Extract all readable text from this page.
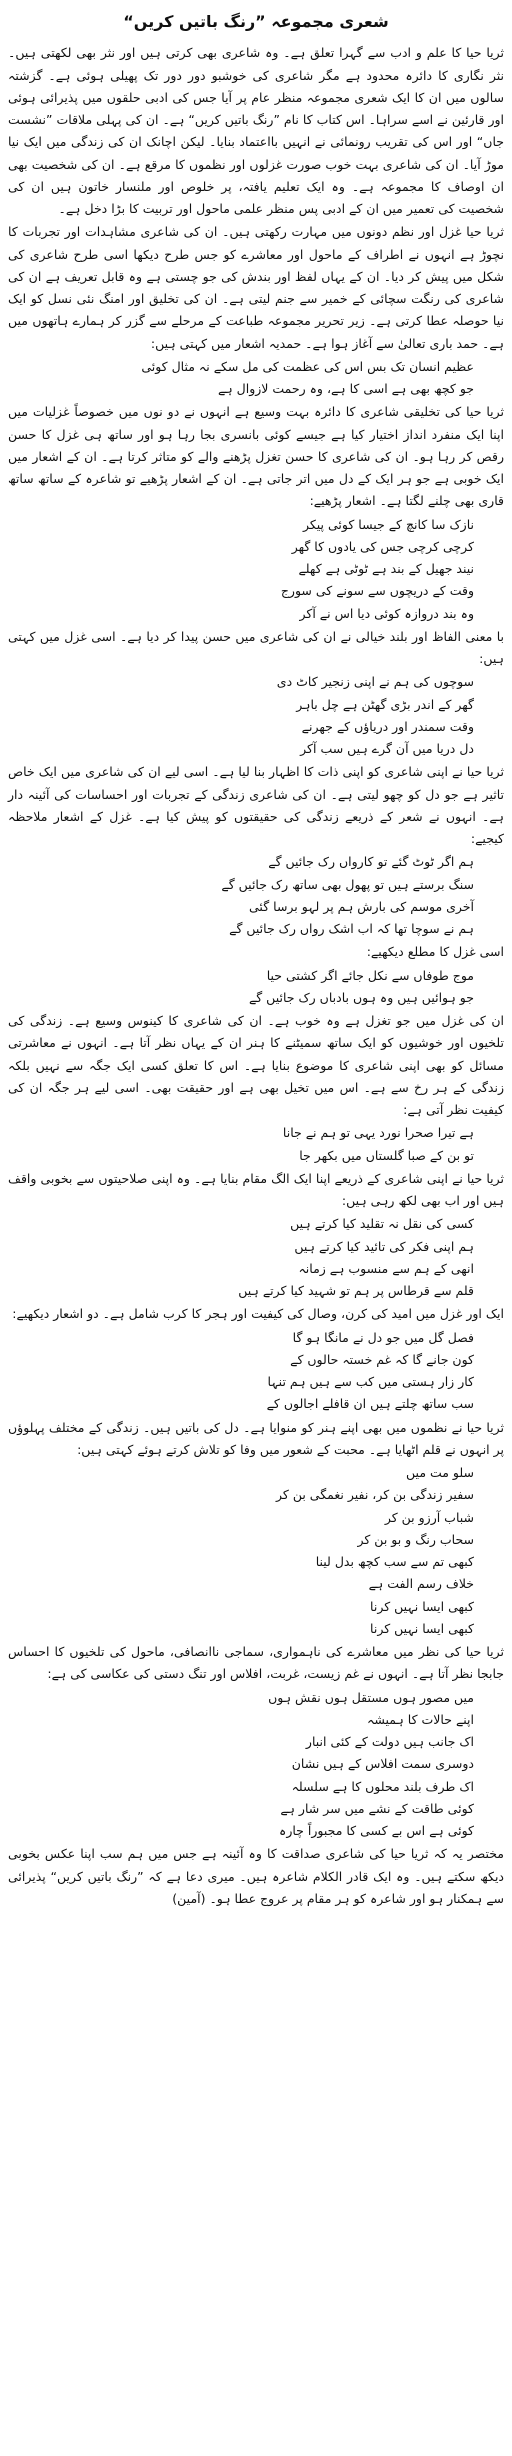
شعری مجموعہ ”رنگ باتیں کریں“

ثریا حیا کا علم و ادب سے گہرا تعلق ہے۔ وہ شاعری بھی کرتی ہیں اور نثر بھی لکھتی ہیں۔ نثر نگاری کا دائرہ محدود ہے مگر شاعری کی خوشبو دور دور تک پھیلی ہوئی ہے۔ گزشتہ سالوں میں ان کا ایک شعری مجموعہ منظر عام پر آیا جس کی ادبی حلقوں میں پذیرائی ہوئی اور قارئین نے اسے سراہا۔ اس کتاب کا نام ”رنگ باتیں کریں“ ہے۔ ان کی پہلی ملاقات ”نشست جاں“ اور اس کی تقریب رونمائی نے انہیں بااعتماد بنایا۔ لیکن اچانک ان کی زندگی میں ایک نیا موڑ آیا۔ ان کی شاعری بہت خوب صورت غزلوں اور نظموں کا مرقع ہے۔ ان کی شخصیت بھی ان اوصاف کا مجموعہ ہے۔ وہ ایک تعلیم یافتہ، پر خلوص اور ملنسار خاتون ہیں ان کی شخصیت کی تعمیر میں ان کے ادبی پس منظر علمی ماحول اور تربیت کا بڑا دخل ہے۔

ثریا حیا غزل اور نظم دونوں میں مہارت رکھتی ہیں۔ ان کی شاعری مشاہدات اور تجربات کا نچوڑ ہے انہوں نے اطراف کے ماحول اور معاشرے کو جس طرح دیکھا اسی طرح شاعری کی شکل میں پیش کر دیا۔ ان کے یہاں لفظ اور بندش کی جو چستی ہے وہ قابل تعریف ہے ان کی شاعری کی رنگت سچائی کے خمیر سے جنم لیتی ہے۔ ان کی تخلیق اور امنگ نئی نسل کو ایک نیا حوصلہ عطا کرتی ہے۔ زیر تحریر مجموعہ طباعت کے مرحلے سے گزر کر ہمارے ہاتھوں میں ہے۔ حمد باری تعالیٰ سے آغاز ہوا ہے۔ حمدیہ اشعار میں کہتی ہیں:

عظیم انسان تک بس اس کی عظمت کی مل سکے نہ مثال کوئی
جو کچھ بھی ہے اسی کا ہے، وہ رحمت لازوال ہے

ثریا حیا کی تخلیقی شاعری کا دائرہ بہت وسیع ہے انہوں نے دو نوں میں خصوصاً غزلیات میں اپنا ایک منفرد انداز اختیار کیا ہے جیسے کوئی بانسری بجا رہا ہو اور ساتھ ہی غزل کا حسن رقص کر رہا ہو۔ ان کی شاعری کا حسن تغزل پڑھنے والے کو متاثر کرتا ہے۔ ان کے اشعار میں ایک خوبی ہے جو ہر ایک کے دل میں اتر جاتی ہے۔ ان کے اشعار پڑھیے تو شاعرہ کے ساتھ ساتھ قاری بھی چلنے لگتا ہے۔ اشعار پڑھیے:

نازک سا کانچ کے جیسا کوئی پیکر
کرچی کرچی جس کی یادوں کا گھر
نیند جھیل کے بند ہے ٹوٹی ہے کھلے
وقت کے دریچوں سے سونے کی سورج
وہ بند دروازہ کوئی دیا اس نے آکر

با معنی الفاظ اور بلند خیالی نے ان کی شاعری میں حسن پیدا کر دیا ہے۔ اسی غزل میں کہتی ہیں:

سوچوں کی ہم نے اپنی زنجیر کاٹ دی
گھر کے اندر بڑی گھٹن ہے چل باہر
وقت سمندر اور دریاؤں کے جھرنے
دل دریا میں آن گرے ہیں سب آکر

ثریا حیا نے اپنی شاعری کو اپنی ذات کا اظہار بنا لیا ہے۔ اسی لیے ان کی شاعری میں ایک خاص تاثیر ہے جو دل کو چھو لیتی ہے۔ ان کی شاعری زندگی کے تجربات اور احساسات کی آئینہ دار ہے۔ انہوں نے شعر کے ذریعے زندگی کی حقیقتوں کو پیش کیا ہے۔ غزل کے اشعار ملاحظہ کیجیے:

ہم اگر ٹوٹ گئے تو کارواں رک جائیں گے
سنگ برستے ہیں تو پھول بھی ساتھ رک جائیں گے
آخری موسم کی بارش ہم پر لہو برسا گئی
ہم نے سوچا تھا کہ اب اشک رواں رک جائیں گے

اسی غزل کا مطلع دیکھیے:

موج طوفاں سے نکل جائے اگر کشتی حیا
جو ہوائیں ہیں وہ ہوں بادباں رک جائیں گے

ان کی غزل میں جو تغزل ہے وہ خوب ہے۔ ان کی شاعری کا کینوس وسیع ہے۔ زندگی کی تلخیوں اور خوشیوں کو ایک ساتھ سمیٹنے کا ہنر ان کے یہاں نظر آتا ہے۔ انہوں نے معاشرتی مسائل کو بھی اپنی شاعری کا موضوع بنایا ہے۔ اس کا تعلق کسی ایک جگہ سے نہیں بلکہ زندگی کے ہر رخ سے ہے۔ اس میں تخیل بھی ہے اور حقیقت بھی۔ اسی لیے ہر جگہ ان کی کیفیت نظر آتی ہے:

ہے تیرا صحرا نورد یہی تو ہم نے جانا
تو بن کے صبا گلستاں میں بکھر جا

ثریا حیا نے اپنی شاعری کے ذریعے اپنا ایک الگ مقام بنایا ہے۔ وہ اپنی صلاحیتوں سے بخوبی واقف ہیں اور اب بھی لکھ رہی ہیں:

کسی کی نقل نہ تقلید کیا کرتے ہیں
ہم اپنی فکر کی تائید کیا کرتے ہیں
انھی کے ہم سے منسوب ہے زمانہ
قلم سے قرطاس پر ہم تو شہید کیا کرتے ہیں

ایک اور غزل میں امید کی کرن، وصال کی کیفیت اور ہجر کا کرب شامل ہے۔ دو اشعار دیکھیے:

فصل گل میں جو دل نے مانگا ہو گا
کون جانے گا کہ غم خستہ حالوں کے
کار زار ہستی میں کب سے ہیں ہم تنہا
سب ساتھ چلتے ہیں ان قافلے اجالوں کے

ثریا حیا نے نظموں میں بھی اپنے ہنر کو منوایا ہے۔ دل کی باتیں ہیں۔ زندگی کے مختلف پہلوؤں پر انہوں نے قلم اٹھایا ہے۔ محبت کے شعور میں وفا کو تلاش کرتے ہوئے کہتی ہیں:

سلو مت میں
سفیر زندگی بن کر، نفیر نغمگی بن کر
شباب آرزو بن کر
سحاب رنگ و بو بن کر
کبھی تم سے سب کچھ بدل لینا
خلاف رسم الفت ہے
کبھی ایسا نہیں کرنا
کبھی ایسا نہیں کرنا

ثریا حیا کی نظر میں معاشرے کی ناہمواری، سماجی ناانصافی، ماحول کی تلخیوں کا احساس جابجا نظر آتا ہے۔ انہوں نے غم زیست، غربت، افلاس اور تنگ دستی کی عکاسی کی ہے:

میں مصور ہوں مستقل ہوں نقش ہوں
اپنے حالات کا ہمیشہ
اک جانب ہیں دولت کے کئی انبار
دوسری سمت افلاس کے ہیں نشان
اک طرف بلند محلوں کا ہے سلسلہ
کوئی طاقت کے نشے میں سر شار ہے
کوئی ہے اس بے کسی کا مجبوراً چارہ

مختصر یہ کہ ثریا حیا کی شاعری صداقت کا وہ آئینہ ہے جس میں ہم سب اپنا عکس بخوبی دیکھ سکتے ہیں۔ وہ ایک قادر الکلام شاعرہ ہیں۔ میری دعا ہے کہ ”رنگ باتیں کریں“ پذیرائی سے ہمکنار ہو اور شاعرہ کو ہر مقام پر عروج عطا ہو۔ (آمین)
